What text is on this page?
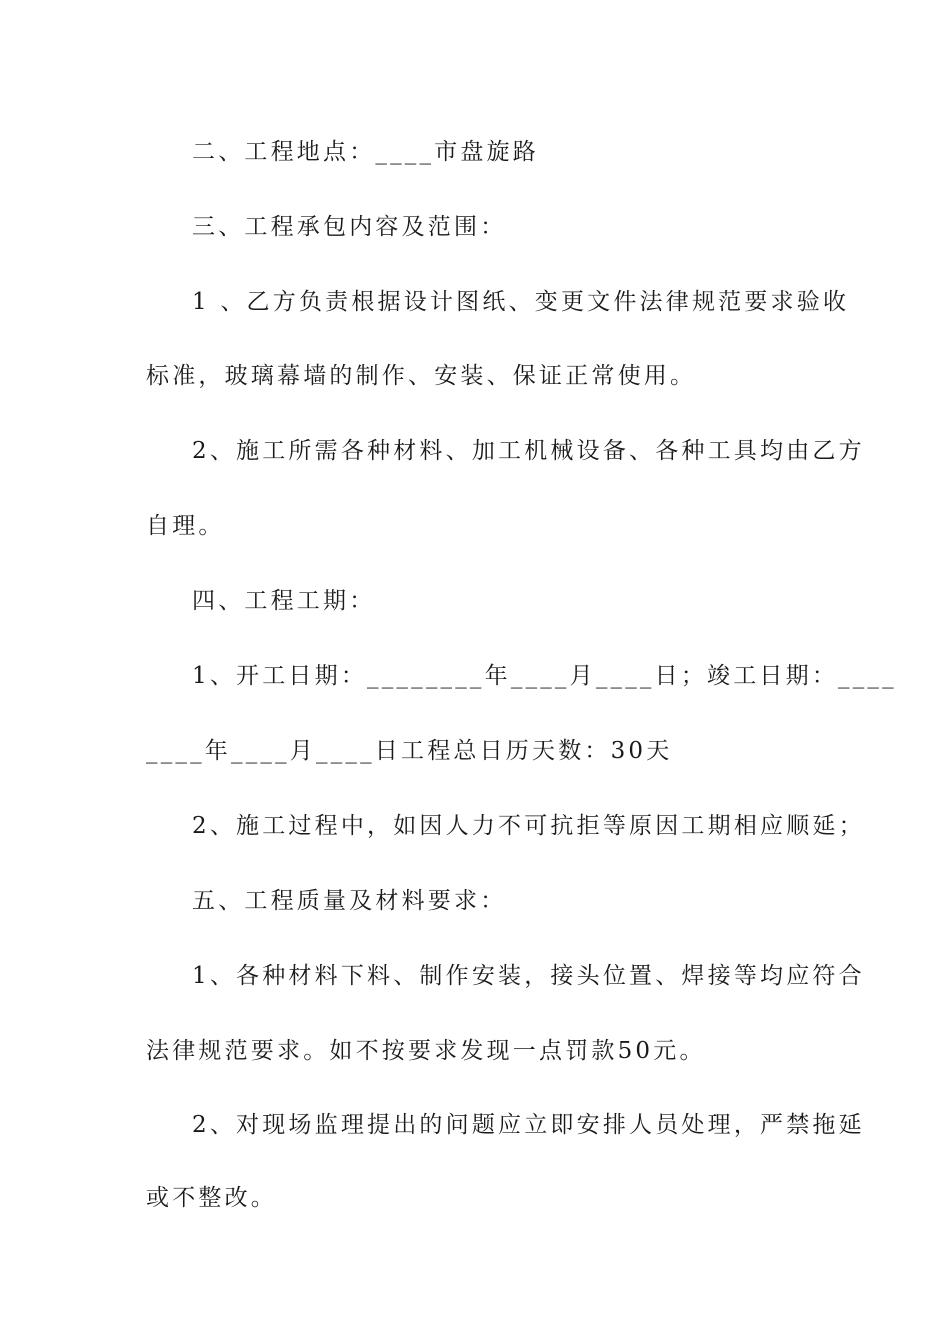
二、工程地点：____市盘旋路
三、工程承包内容及范围：
1 、乙方负责根据设计图纸、变更文件法律规范要求验收
标准，玻璃幕墙的制作、安装、保证正常使用。
2、施工所需各种材料、加工机械设备、各种工具均由乙方
自理。
四、工程工期：
1、开工日期：________年____月____日；竣工日期：____
____年____月____日工程总日历天数：30天
2、施工过程中，如因人力不可抗拒等原因工期相应顺延；
五、工程质量及材料要求：
1、各种材料下料、制作安装，接头位置、焊接等均应符合
法律规范要求。如不按要求发现一点罚款50元。
2、对现场监理提出的问题应立即安排人员处理，严禁拖延
或不整改。
